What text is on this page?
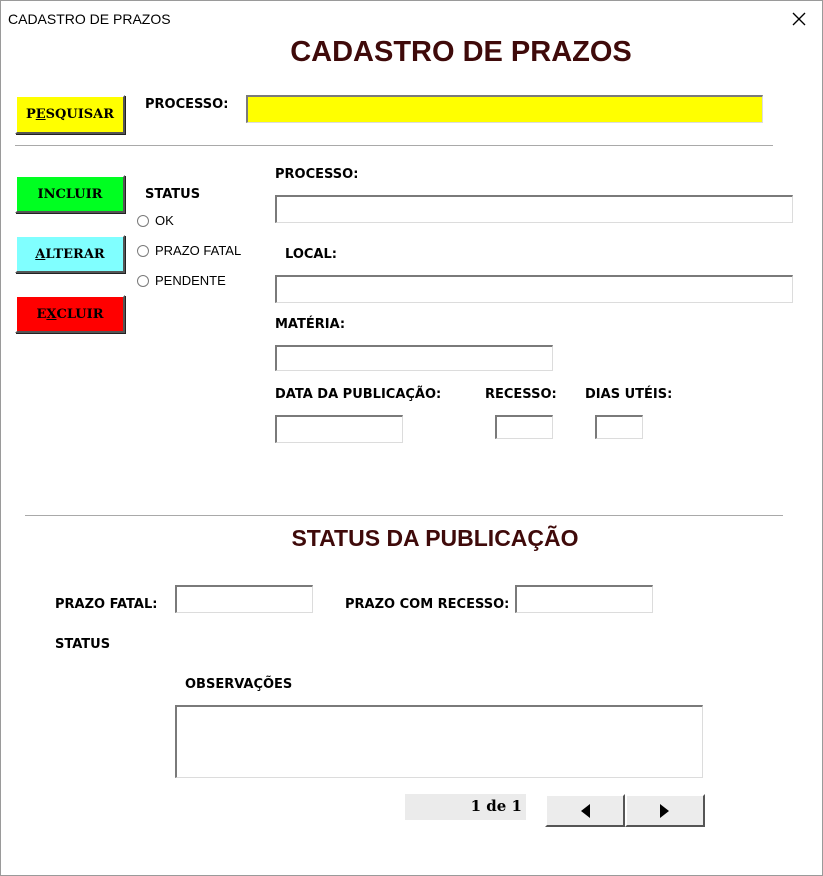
CADASTRO DE PRAZOS
CADASTRO DE PRAZOS
P E SQUISAR
PROCESSO:
INCLUIR
A LTERAR
E X CLUIR
STATUS
OK
PRAZO FATAL
PENDENTE
PROCESSO:
LOCAL:
MATÉRIA:
DATA DA PUBLICAÇÃO:	RECESSO: DIAS UTÉIS:
STATUS DA PUBLICAÇÃO
PRAZO FATAL:	PRAZO COM RECESSO:
STATUS
OBSERVAÇÕES
1 de 1
